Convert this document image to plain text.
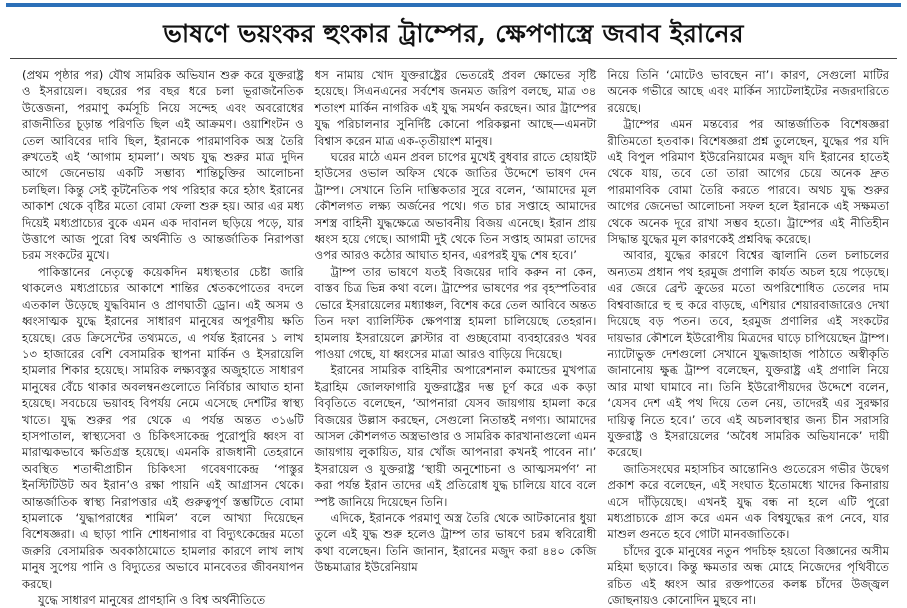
ভাষণে ভয়ংকর হুংকার ট্রাম্পের, ক্ষেপণাস্ত্রে জবাব ইরানের

(প্রথম পৃষ্ঠার পর) যৌথ সামরিক অভিযান শুরু করে যুক্তরাষ্ট্র ও ইসরায়েল। বছরের পর বছর ধরে চলা ভূরাজনৈতিক উত্তেজনা, পরমাণু কর্মসূচি নিয়ে সন্দেহ এবং অবরোধের রাজনীতির চূড়ান্ত পরিণতি ছিল এই আক্রমণ। ওয়াশিংটন ও তেল আবিবের দাবি ছিল, ইরানকে পারমাণবিক অস্ত্র তৈরি রুখতেই এই ‘আগাম হামলা’। অথচ যুদ্ধ শুরুর মাত্র দুদিন আগে জেনেভায় একটি সম্ভাব্য শান্তিচুক্তির আলোচনা চলছিল। কিন্তু সেই কূটনৈতিক পথ পরিহার করে হঠাৎ ইরানের আকাশ থেকে বৃষ্টির মতো বোমা ফেলা শুরু হয়। আর এর মধ্য দিয়েই মধ্যপ্রাচ্যের বুকে এমন এক দাবানল ছড়িয়ে পড়ে, যার উত্তাপে আজ পুরো বিশ্ব অর্থনীতি ও আন্তর্জাতিক নিরাপত্তা চরম সংকটের মুখে।

পাকিস্তানের নেতৃত্বে কয়েকদিন মধ্যস্থতার চেষ্টা জারি থাকলেও মধ্যপ্রাচ্যের আকাশে শান্তির শ্বেতকপোতের বদলে এতকাল উড়েছে যুদ্ধবিমান ও প্রাণঘাতী ড্রোন। এই অসম ও ধ্বংসাত্মক যুদ্ধে ইরানের সাধারণ মানুষের অপূরণীয় ক্ষতি হয়েছে। রেড ক্রিসেন্টের তথ্যমতে, এ পর্যন্ত ইরানের ১ লাখ ১৩ হাজারের বেশি বেসামরিক স্থাপনা মার্কিন ও ইসরায়েলি হামলার শিকার হয়েছে। সামরিক লক্ষ্যবস্তুর অজুহাতে সাধারণ মানুষের বেঁচে থাকার অবলম্বনগুলোতে নির্বিচার আঘাত হানা হয়েছে। সবচেয়ে ভয়াবহ বিপর্যয় নেমে এসেছে দেশটির স্বাস্থ্য খাতে। যুদ্ধ শুরুর পর থেকে এ পর্যন্ত অন্তত ৩১৬টি হাসপাতাল, স্বাস্থ্যসেবা ও চিকিৎসাকেন্দ্র পুরোপুরি ধ্বংস বা মারাত্মকভাবে ক্ষতিগ্রস্ত হয়েছে। এমনকি রাজধানী তেহরানে অবস্থিত শতাব্দীপ্রাচীন চিকিৎসা গবেষণাকেন্দ্র ‘পাস্তুর ইনস্টিটিউট অব ইরান’ও রক্ষা পায়নি এই আগ্রাসন থেকে। আন্তর্জাতিক স্বাস্থ্য নিরাপত্তার এই গুরুত্বপূর্ণ স্তম্ভটিতে বোমা হামলাকে ‘যুদ্ধাপরাধের শামিল’ বলে আখ্যা দিয়েছেন বিশেষজ্ঞরা। এ ছাড়া পানি শোধনাগার বা বিদ্যুৎকেন্দ্রের মতো জরুরি বেসামরিক অবকাঠামোতে হামলার কারণে লাখ লাখ মানুষ সুপেয় পানি ও বিদ্যুতের অভাবে মানবেতর জীবনযাপন করছে।

যুদ্ধে সাধারণ মানুষের প্রাণহানি ও বিশ্ব অর্থনীতিতে

ধস নামায় খোদ যুক্তরাষ্ট্রের ভেতরেই প্রবল ক্ষোভের সৃষ্টি হয়েছে। সিএনএনের সর্বশেষ জনমত জরিপ বলছে, মাত্র ৩৪ শতাংশ মার্কিন নাগরিক এই যুদ্ধ সমর্থন করছেন। আর ট্রাম্পের যুদ্ধ পরিচালনার সুনির্দিষ্ট কোনো পরিকল্পনা আছে—এমনটা বিশ্বাস করেন মাত্র এক-তৃতীয়াংশ মানুষ।

ঘরের মাঠে এমন প্রবল চাপের মুখেই বুধবার রাতে হোয়াইট হাউসের ওভাল অফিস থেকে জাতির উদ্দেশে ভাষণ দেন ট্রাম্প। সেখানে তিনি দাম্ভিকতার সুরে বলেন, ‘আমাদের মূল কৌশলগত লক্ষ্য অর্জনের পথে। গত চার সপ্তাহে আমাদের সশস্ত্র বাহিনী যুদ্ধক্ষেত্রে অভাবনীয় বিজয় এনেছে। ইরান প্রায় ধ্বংস হয়ে গেছে। আগামী দুই থেকে তিন সপ্তাহ আমরা তাদের ওপর আরও কঠোর আঘাত হানব, এরপরই যুদ্ধ শেষ হবে।’

ট্রাম্প তার ভাষণে যতই বিজয়ের দাবি করুন না কেন, বাস্তব চিত্র ভিন্ন কথা বলে। ট্রাম্পের ভাষণের পর বৃহস্পতিবার ভোরে ইসরায়েলের মধ্যাঞ্চল, বিশেষ করে তেল আবিবে অন্তত তিন দফা ব্যালিস্টিক ক্ষেপণাস্ত্র হামলা চালিয়েছে তেহরান। হামলায় ইসরায়েলে ক্লাস্টার বা গুচ্ছবোমা ব্যবহারেরও খবর পাওয়া গেছে, যা ধ্বংসের মাত্রা আরও বাড়িয়ে দিয়েছে।

ইরানের সামরিক বাহিনীর অপারেশনাল কমান্ডের মুখপাত্র ইব্রাহিম জোলফাগারি যুক্তরাষ্ট্রের দম্ভ চূর্ণ করে এক কড়া বিবৃতিতে বলেছেন, ‘আপনারা যেসব জায়গায় হামলা করে বিজয়ের উল্লাস করছেন, সেগুলো নিতান্তই নগণ্য। আমাদের আসল কৌশলগত অস্ত্রভাণ্ডার ও সামরিক কারখানাগুলো এমন জায়গায় লুকায়িত, যার খোঁজ আপনারা কখনই পাবেন না।’ ইসরায়েল ও যুক্তরাষ্ট্র ‘স্থায়ী অনুশোচনা ও আত্মসমর্পণ’ না করা পর্যন্ত ইরান তাদের এই প্রতিরোধ যুদ্ধ চালিয়ে যাবে বলে স্পষ্ট জানিয়ে দিয়েছেন তিনি।

এদিকে, ইরানকে পরমাণু অস্ত্র তৈরি থেকে আটকানোর ধুয়া তুলে এই যুদ্ধ শুরু হলেও ট্রাম্প তার ভাষণে চরম স্ববিরোধী কথা বলেছেন। তিনি জানান, ইরানের মজুদ করা ৪৪০ কেজি উচ্চমাত্রার ইউরেনিয়াম

নিয়ে তিনি ‘মোটেও ভাবছেন না’। কারণ, সেগুলো মাটির অনেক গভীরে আছে এবং মার্কিন স্যাটেলাইটের নজরদারিতে রয়েছে।

ট্রাম্পের এমন মন্তব্যের পর আন্তর্জাতিক বিশেষজ্ঞরা রীতিমতো হতবাক। বিশেষজ্ঞরা প্রশ্ন তুলেছেন, যুদ্ধের পর যদি এই বিপুল পরিমাণ ইউরেনিয়ামের মজুদ যদি ইরানের হাতেই থেকে যায়, তবে তো তারা আগের চেয়ে অনেক দ্রুত পারমাণবিক বোমা তৈরি করতে পারবে। অথচ যুদ্ধ শুরুর আগের জেনেভা আলোচনা সফল হলে ইরানকে এই সক্ষমতা থেকে অনেক দূরে রাখা সম্ভব হতো। ট্রাম্পের এই নীতিহীন সিদ্ধান্ত যুদ্ধের মূল কারণকেই প্রশ্নবিদ্ধ করেছে।

আবার, যুদ্ধের কারণে বিশ্বের জ্বালানি তেল চলাচলের অন্যতম প্রধান পথ হরমুজ প্রণালি কার্যত অচল হয়ে পড়েছে। এর জেরে ব্রেন্ট ক্রুডের মতো অপরিশোধিত তেলের দাম বিশ্ববাজারে হু হু করে বাড়ছে, এশিয়ার শেয়ারবাজারেও দেখা দিয়েছে বড় পতন। তবে, হরমুজ প্রণালির এই সংকটের দায়ভার কৌশলে ইউরোপীয় মিত্রদের ঘাড়ে চাপিয়েছেন ট্রাম্প। ন্যাটোভুক্ত দেশগুলো সেখানে যুদ্ধজাহাজ পাঠাতে অস্বীকৃতি জানানোয় ক্ষুব্ধ ট্রাম্প বলেছেন, যুক্তরাষ্ট্র এই প্রণালি নিয়ে আর মাথা ঘামাবে না। তিনি ইউরোপীয়দের উদ্দেশে বলেন, ‘যেসব দেশ এই পথ দিয়ে তেল নেয়, তাদেরই এর সুরক্ষার দায়িত্ব নিতে হবে।’ তবে এই অচলাবস্থার জন্য চীন সরাসরি যুক্তরাষ্ট্র ও ইসরায়েলের ‘অবৈধ সামরিক অভিযানকে’ দায়ী করেছে।

জাতিসংঘের মহাসচিব আন্তোনিও গুতেরেস গভীর উদ্বেগ প্রকাশ করে বলেছেন, এই সংঘাত ইতোমধ্যে খাদের কিনারায় এসে দাঁড়িয়েছে। এখনই যুদ্ধ বন্ধ না হলে এটি পুরো মধ্যপ্রাচ্যকে গ্রাস করে এমন এক বিশ্বযুদ্ধের রূপ নেবে, যার মাশুল গুনতে হবে গোটা মানবজাতিকে।

চাঁদের বুকে মানুষের নতুন পদচিহ্ন হয়তো বিজ্ঞানের অসীম মহিমা ছড়াবে। কিন্তু ক্ষমতার অন্ধ মোহে নিজেদের পৃথিবীতে রচিত এই ধ্বংস আর রক্তপাতের কলঙ্ক চাঁদের উজ্জ্বল জোছনায়ও কোনোদিন মুছবে না।
